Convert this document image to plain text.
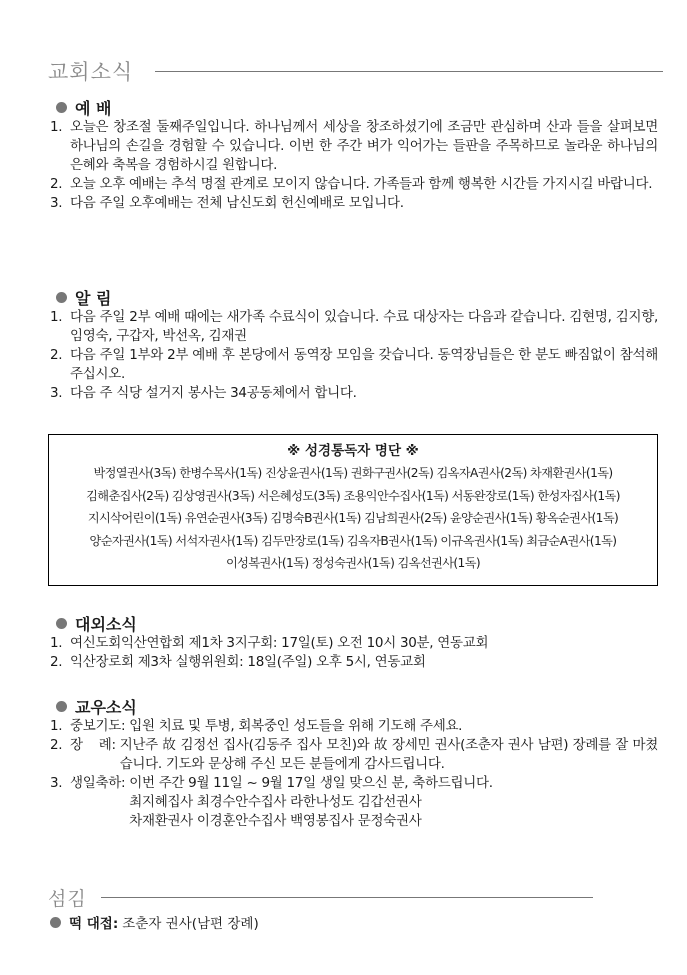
교회소식
예 배
1. 오늘은 창조절 둘째주일입니다. 하나님께서 세상을 창조하셨기에 조금만 관심하며 산과 들을 살펴보면 하나님의 손길을 경험할 수 있습니다. 이번 한 주간 벼가 익어가는 들판을 주목하므로 놀라운 하나님의 은혜와 축복을 경험하시길 원합니다.
2. 오늘 오후 예배는 추석 명절 관계로 모이지 않습니다. 가족들과 함께 행복한 시간들 가지시길 바랍니다.
3. 다음 주일 오후예배는 전체 남신도회 헌신예배로 모입니다.
알 림
1. 다음 주일 2부 예배 때에는 새가족 수료식이 있습니다. 수료 대상자는 다음과 같습니다. 김현명, 김지향, 임영숙, 구갑자, 박선옥, 김재권
2. 다음 주일 1부와 2부 예배 후 본당에서 동역장 모임을 갖습니다. 동역장님들은 한 분도 빠짐없이 참석해 주십시오.
3. 다음 주 식당 설거지 봉사는 34공동체에서 합니다.
※ 성경통독자 명단 ※
박정열권사(3독) 한병수목사(1독) 진상윤권사(1독) 권화구권사(2독) 김옥자A권사(2독) 차재환권사(1독)
김해춘집사(2독) 김상영권사(3독) 서은혜성도(3독) 조용익안수집사(1독) 서동완장로(1독) 한성자집사(1독)
지시삭어린이(1독) 유연순권사(3독) 김명숙B권사(1독) 김남희권사(2독) 윤양순권사(1독) 황옥순권사(1독)
양순자권사(1독) 서석자권사(1독) 김두만장로(1독) 김옥자B권사(1독) 이규옥권사(1독) 최금순A권사(1독)
이성복권사(1독) 정성숙권사(1독) 김옥선권사(1독)
대외소식
1. 여신도회익산연합회 제1차 3지구회: 17일(토) 오전 10시 30분, 연동교회
2. 익산장로회 제3차 실행위원회: 18일(주일) 오후 5시, 연동교회
교우소식
1. 중보기도: 입원 치료 및 투병, 회복중인 성도들을 위해 기도해 주세요.
2. 장    례: 지난주 故 김정선 집사(김동주 집사 모친)와 故 장세민 권사(조춘자 권사 남편) 장례를 잘 마쳤습니다. 기도와 문상해 주신 모든 분들에게 감사드립니다.
3. 생일축하: 이번 주간 9월 11일 ~ 9월 17일 생일 맞으신 분, 축하드립니다.
최지혜집사 최경수안수집사 라한나성도 김갑선권사
차재환권사 이경훈안수집사 백영봉집사 문정숙권사
섬김
떡 대접: 조춘자 권사(남편 장례)
